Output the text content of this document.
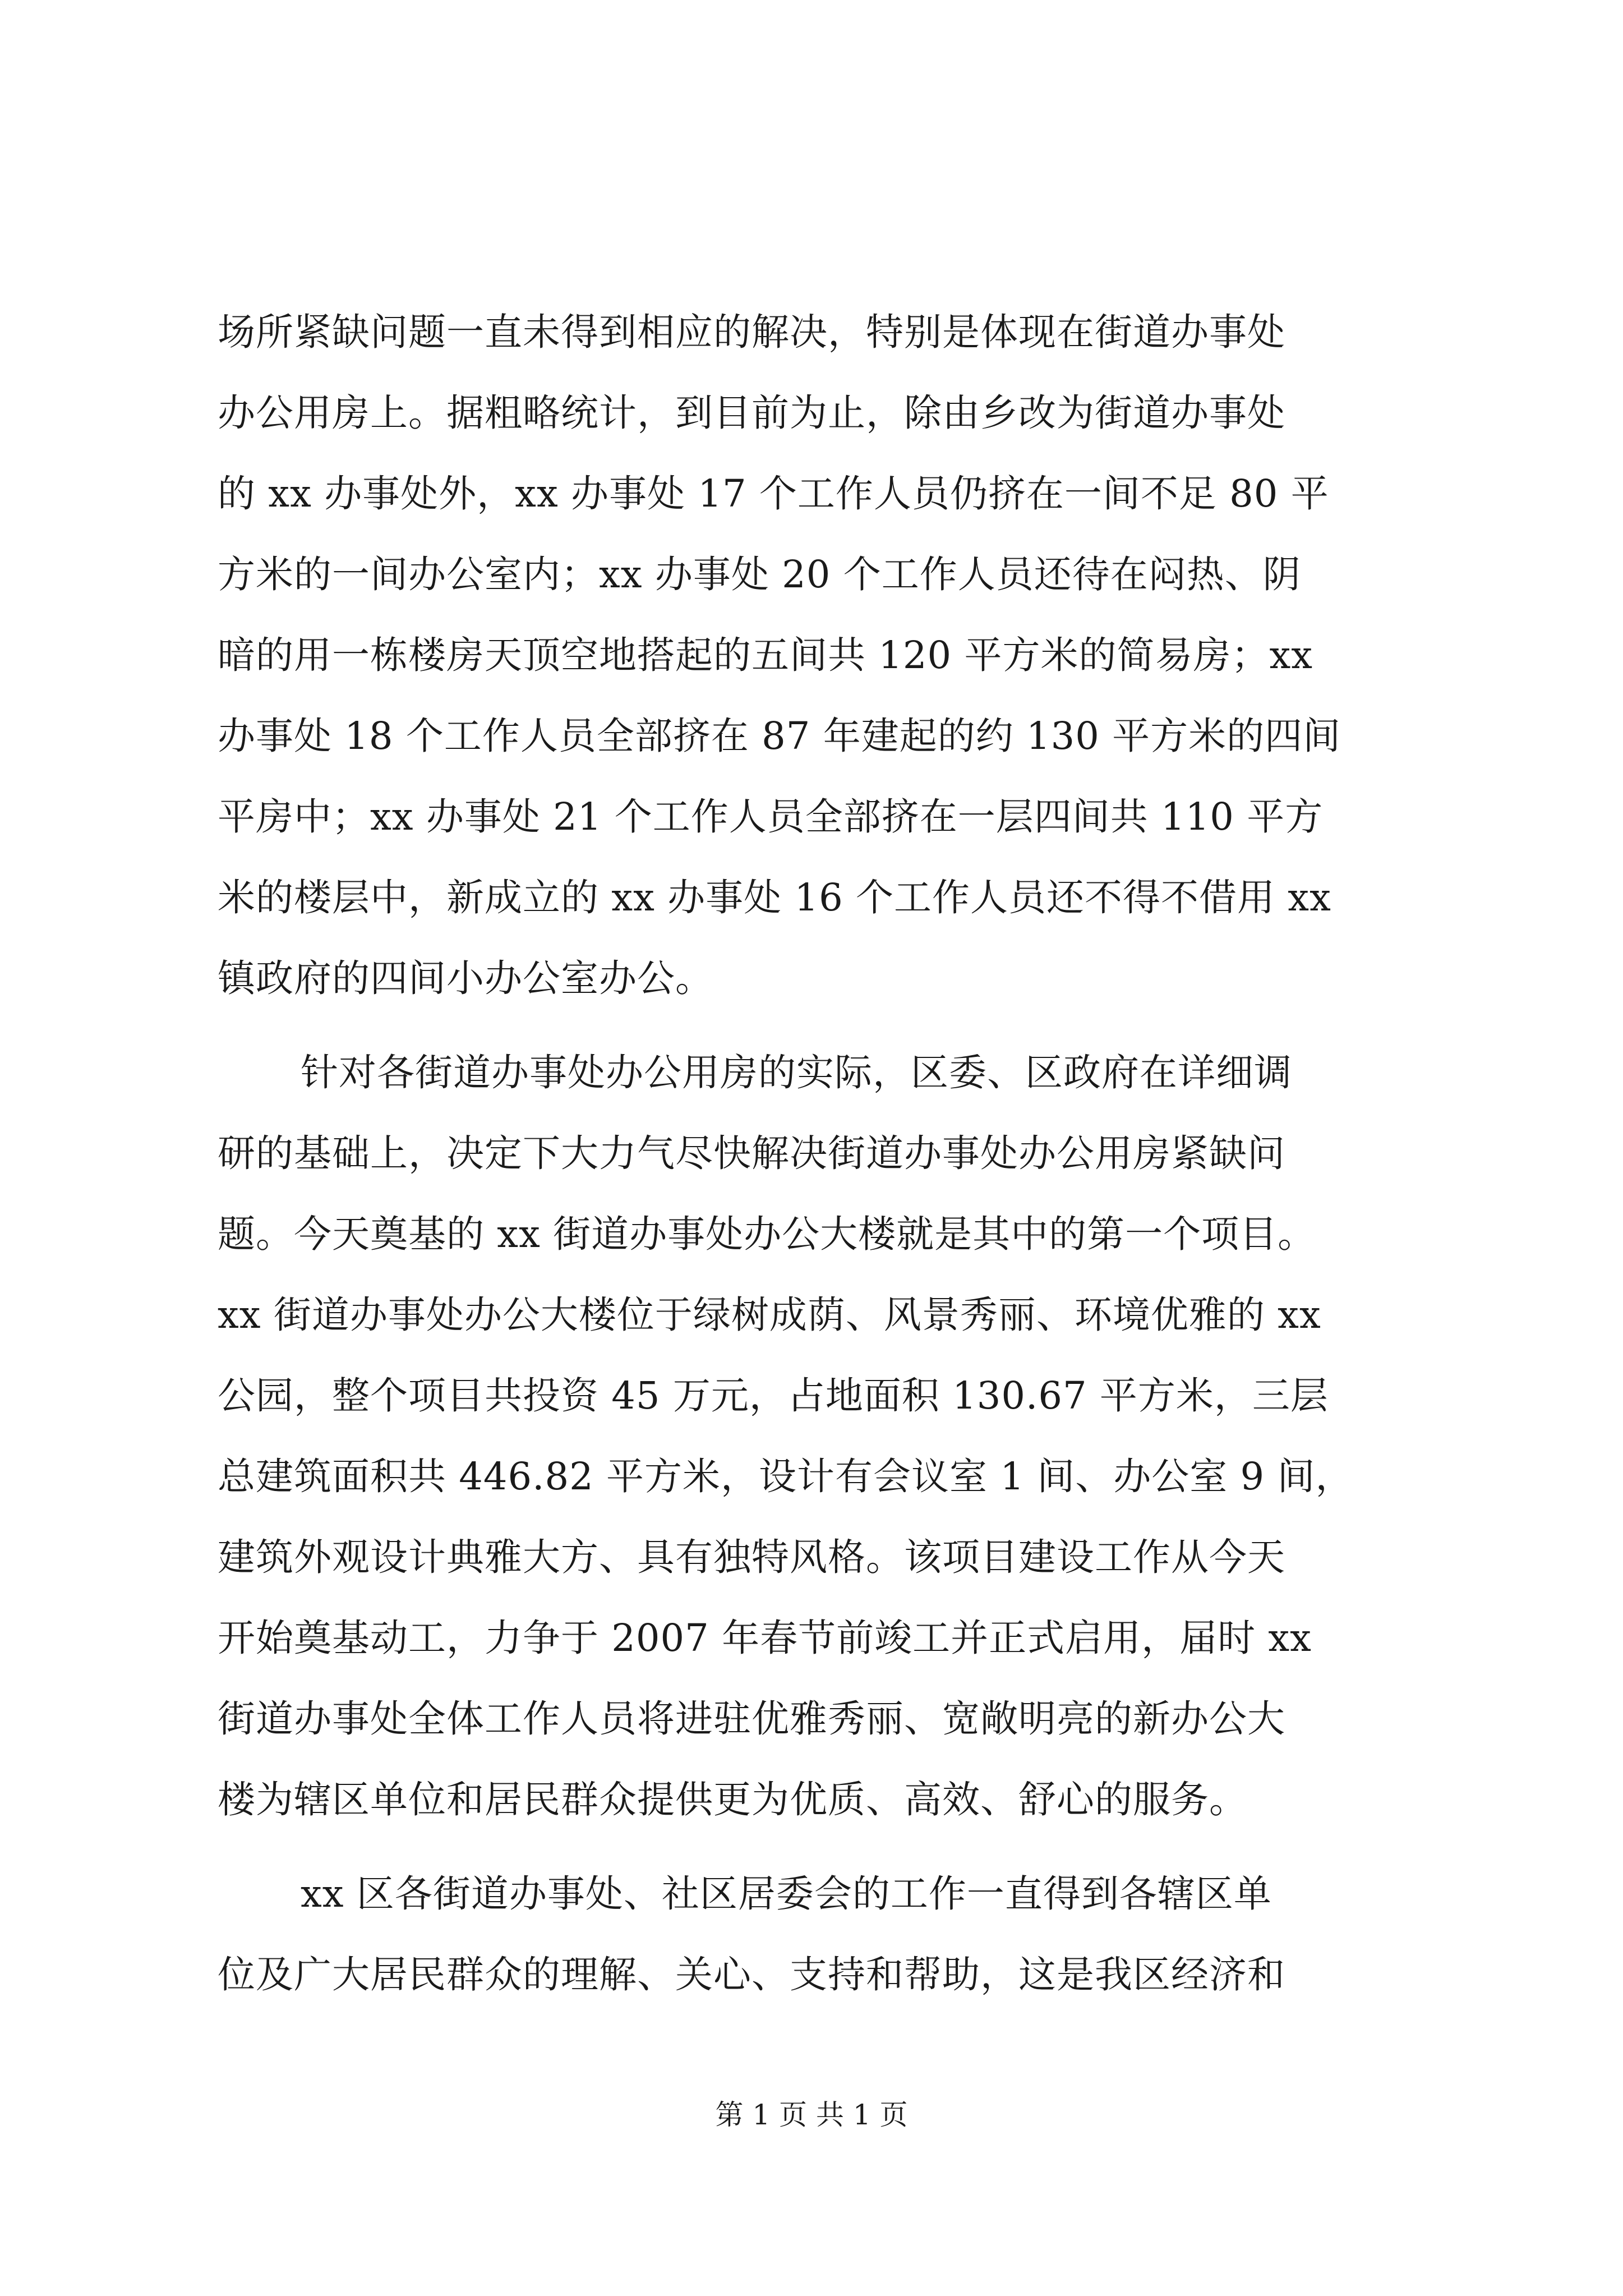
场所紧缺问题一直未得到相应的解决，特别是体现在街道办事处
办公用房上。据粗略统计，到目前为止，除由乡改为街道办事处
的 xx 办事处外，xx 办事处 17 个工作人员仍挤在一间不足 80 平
方米的一间办公室内；xx 办事处 20 个工作人员还待在闷热、阴
暗的用一栋楼房天顶空地搭起的五间共 120 平方米的简易房；xx
办事处 18 个工作人员全部挤在 87 年建起的约 130 平方米的四间
平房中；xx 办事处 21 个工作人员全部挤在一层四间共 110 平方
米的楼层中，新成立的 xx 办事处 16 个工作人员还不得不借用 xx
镇政府的四间小办公室办公。
针对各街道办事处办公用房的实际，区委、区政府在详细调
研的基础上，决定下大力气尽快解决街道办事处办公用房紧缺问
题。今天奠基的 xx 街道办事处办公大楼就是其中的第一个项目。
xx 街道办事处办公大楼位于绿树成荫、风景秀丽、环境优雅的 xx
公园，整个项目共投资 45 万元，占地面积 130.67 平方米，三层
总建筑面积共 446.82 平方米，设计有会议室 1 间、办公室 9 间，
建筑外观设计典雅大方、具有独特风格。该项目建设工作从今天
开始奠基动工，力争于 2007 年春节前竣工并正式启用，届时 xx
街道办事处全体工作人员将进驻优雅秀丽、宽敞明亮的新办公大
楼为辖区单位和居民群众提供更为优质、高效、舒心的服务。
xx 区各街道办事处、社区居委会的工作一直得到各辖区单
位及广大居民群众的理解、关心、支持和帮助，这是我区经济和
第 1 页 共 1 页
